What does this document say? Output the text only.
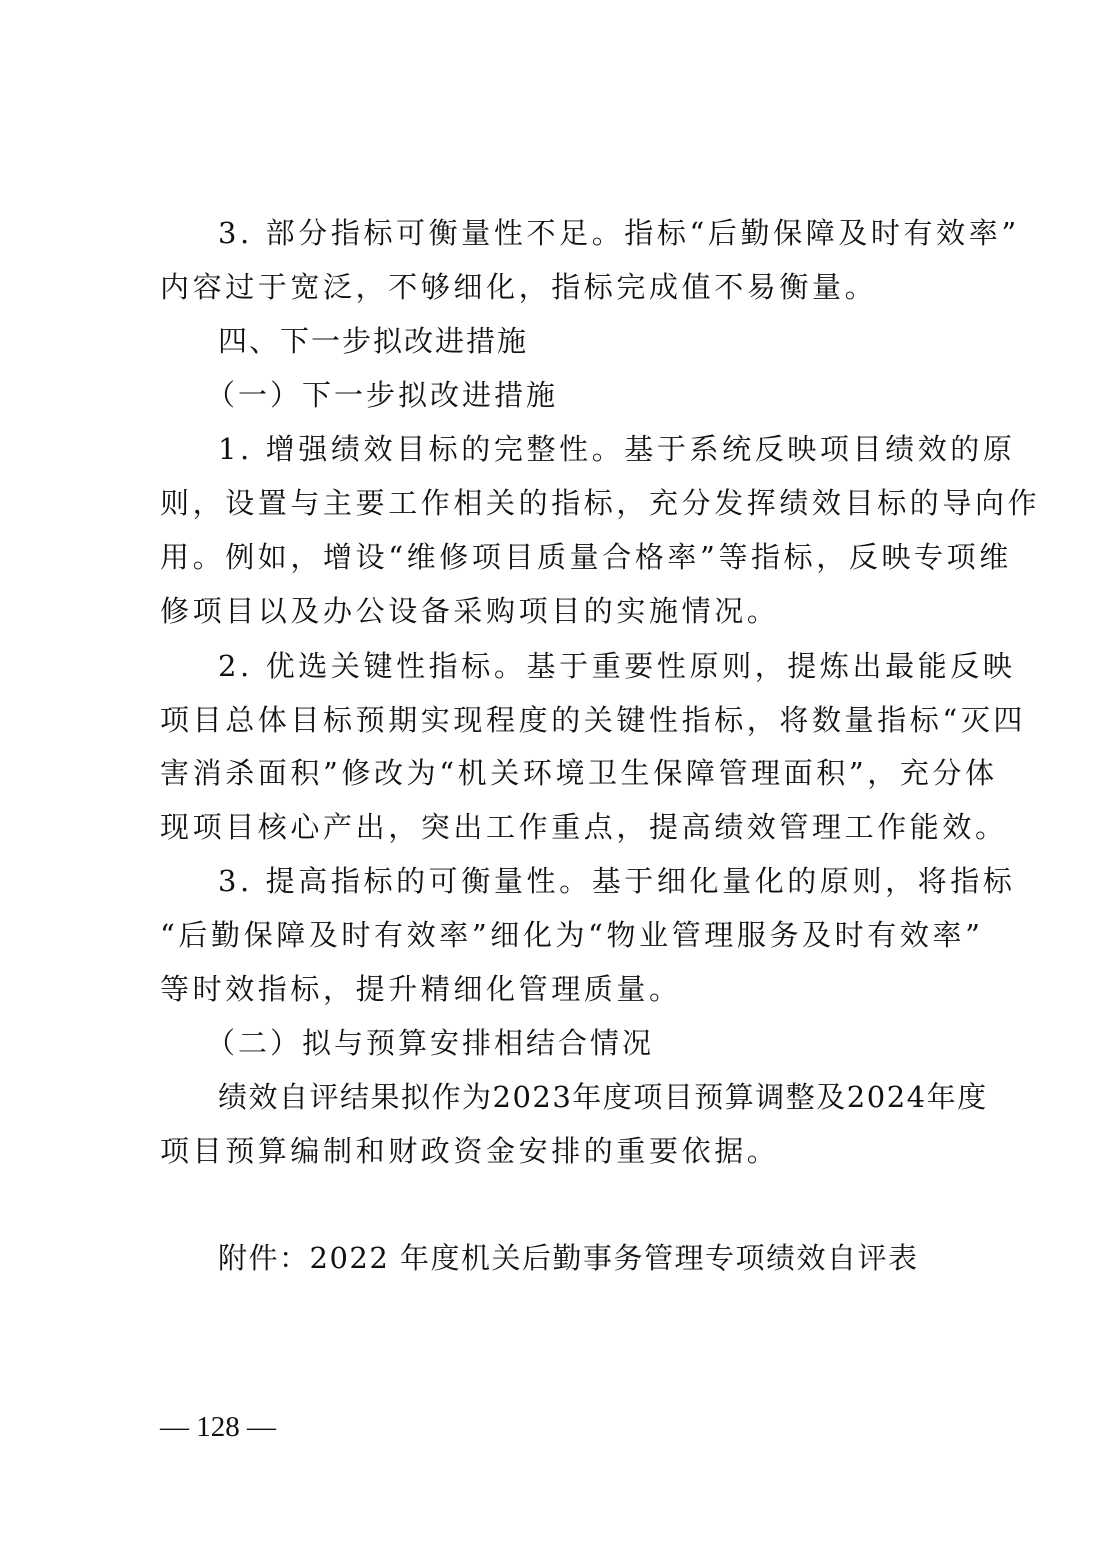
3. 部分指标可衡量性不足。指标“后勤保障及时有效率”
内容过于宽泛，不够细化，指标完成值不易衡量。
四、下一步拟改进措施
（一）下一步拟改进措施
1. 增强绩效目标的完整性。基于系统反映项目绩效的原
则，设置与主要工作相关的指标，充分发挥绩效目标的导向作
用。例如，增设“维修项目质量合格率”等指标，反映专项维
修项目以及办公设备采购项目的实施情况。
2. 优选关键性指标。基于重要性原则，提炼出最能反映
项目总体目标预期实现程度的关键性指标，将数量指标“灭四
害消杀面积”修改为“机关环境卫生保障管理面积”，充分体
现项目核心产出，突出工作重点，提高绩效管理工作能效。
3. 提高指标的可衡量性。基于细化量化的原则，将指标
“后勤保障及时有效率”细化为“物业管理服务及时有效率”
等时效指标，提升精细化管理质量。
（二）拟与预算安排相结合情况
绩效自评结果拟作为2023年度项目预算调整及2024年度
项目预算编制和财政资金安排的重要依据。
附件：2022 年度机关后勤事务管理专项绩效自评表
— 128 —
